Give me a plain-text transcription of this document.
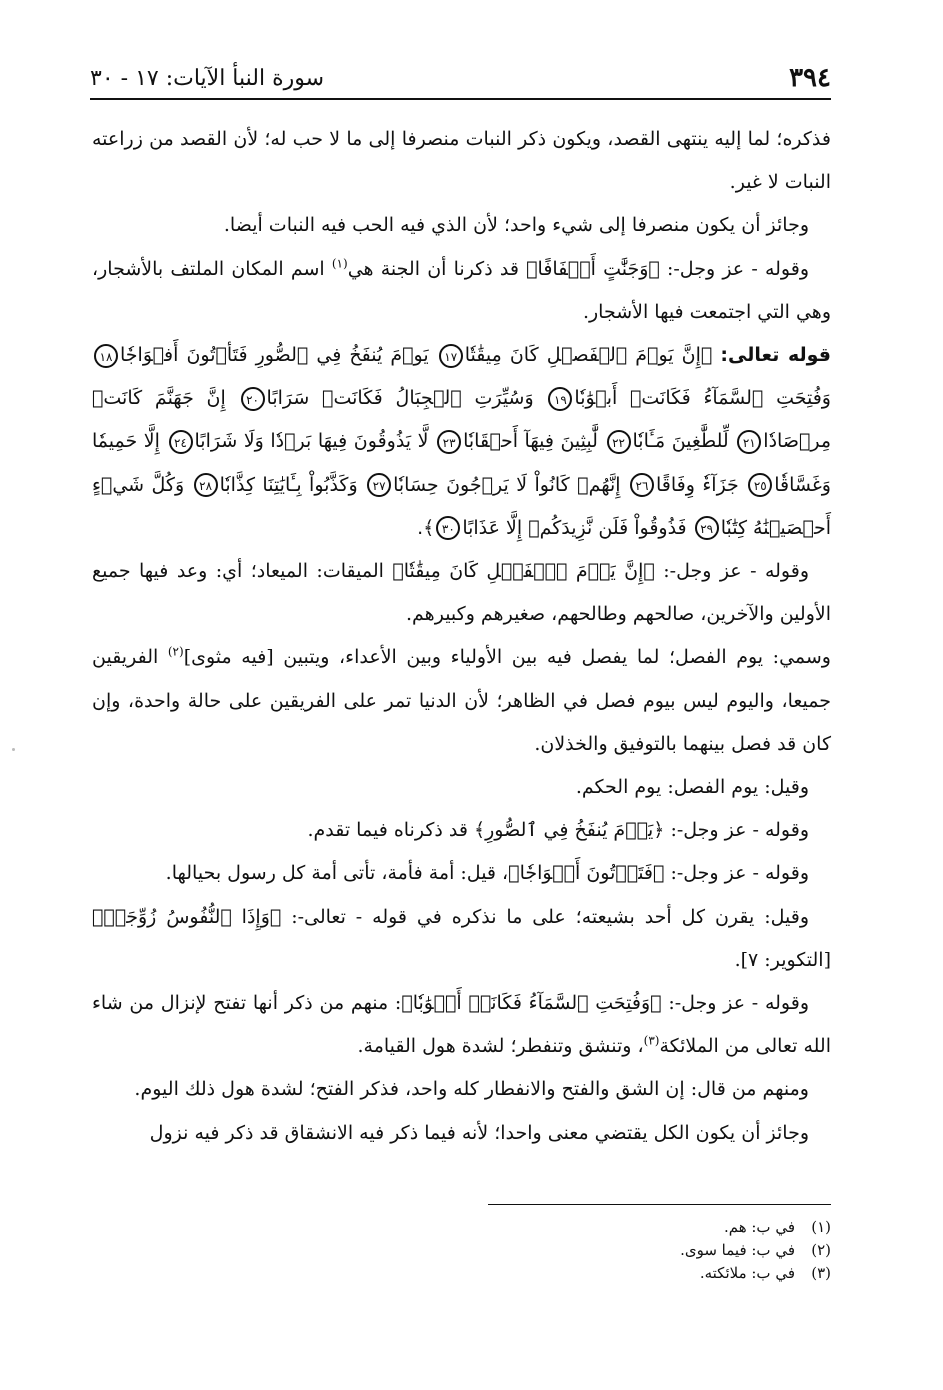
٣٩٤
سورة النبأ الآيات: ١٧ - ٣٠

فذكره؛ لما إليه ينتهى القصد، ويكون ذكر النبات منصرفا إلى ما لا حب له؛ لأن القصد من زراعته النبات لا غير.

وجائز أن يكون منصرفا إلى شيء واحد؛ لأن الذي فيه الحب فيه النبات أيضا.

وقوله - عز وجل-: ﴿وَجَنَّٰتٍ أَلۡفَافًا﴾ قد ذكرنا أن الجنة هي$^{(١)}$ اسم المكان الملتف بالأشجار، وهي التي اجتمعت فيها الأشجار.

قوله تعالى: ﴿إِنَّ يَوۡمَ ٱلۡفَصۡلِ كَانَ مِيقَٰتٗا١٧ يَوۡمَ يُنفَخُ فِي ٱلصُّورِ فَتَأۡتُونَ أَفۡوَاجٗا١٨ وَفُتِحَتِ ٱلسَّمَآءُ فَكَانَتۡ أَبۡوَٰبٗا١٩ وَسُيِّرَتِ ٱلۡجِبَالُ فَكَانَتۡ سَرَابًا٢٠ إِنَّ جَهَنَّمَ كَانَتۡ مِرۡصَادٗا٢١ لِّلطَّٰغِينَ مَـَٔابٗا٢٢ لَّٰبِثِينَ فِيهَآ أَحۡقَابٗا٢٣ لَّا يَذُوقُونَ فِيهَا بَرۡدٗا وَلَا شَرَابًا٢٤ إِلَّا حَمِيمٗا وَغَسَّاقٗا٢٥ جَزَآءٗ وِفَاقًا٢٦ إِنَّهُمۡ كَانُواْ لَا يَرۡجُونَ حِسَابٗا٢٧ وَكَذَّبُواْ بِـَٔايَٰتِنَا كِذَّابٗا٢٨ وَكُلَّ شَيۡءٍ أَحۡصَيۡنَٰهُ كِتَٰبٗا٢٩ فَذُوقُواْ فَلَن نَّزِيدَكُمۡ إِلَّا عَذَابًا٣٠﴾.

وقوله - عز وجل-: ﴿إِنَّ يَوۡمَ ٱلۡفَصۡلِ كَانَ مِيقَٰتٗا﴾ الميقات: الميعاد؛ أي: وعد فيها جميع الأولين والآخرين، صالحهم وطالحهم، صغيرهم وكبيرهم.

وسمي: يوم الفصل؛ لما يفصل فيه بين الأولياء وبين الأعداء، ويتبين [فيه مثوى]$^{(٢)}$ الفريقين جميعا، واليوم ليس بيوم فصل في الظاهر؛ لأن الدنيا تمر على الفريقين على حالة واحدة، وإن كان قد فصل بينهما بالتوفيق والخذلان.

وقيل: يوم الفصل: يوم الحكم.

وقوله - عز وجل-: ﴿يَوۡمَ يُنفَخُ فِي ٱلصُّورِ﴾ قد ذكرناه فيما تقدم.

وقوله - عز وجل-: ﴿فَتَأۡتُونَ أَفۡوَاجٗا﴾، قيل: أمة فأمة، تأتى أمة كل رسول بحيالها.

وقيل: يقرن كل أحد بشيعته؛ على ما نذكره في قوله - تعالى-: ﴿وَإِذَا ٱلنُّفُوسُ زُوِّجَتۡ﴾ [التكوير: ٧].

وقوله - عز وجل-: ﴿وَفُتِحَتِ ٱلسَّمَآءُ فَكَانَتۡ أَبۡوَٰبٗا﴾: منهم من ذكر أنها تفتح لإنزال من شاء الله تعالى من الملائكة$^{(٣)}$، وتنشق وتنفطر؛ لشدة هول القيامة.

ومنهم من قال: إن الشق والفتح والانفطار كله واحد، فذكر الفتح؛ لشدة هول ذلك اليوم.

وجائز أن يكون الكل يقتضي معنى واحدا؛ لأنه فيما ذكر فيه الانشقاق قد ذكر فيه نزول

(١)في ب: هم.
(٢)في ب: فيما سوى.
(٣)في ب: ملائكته.
